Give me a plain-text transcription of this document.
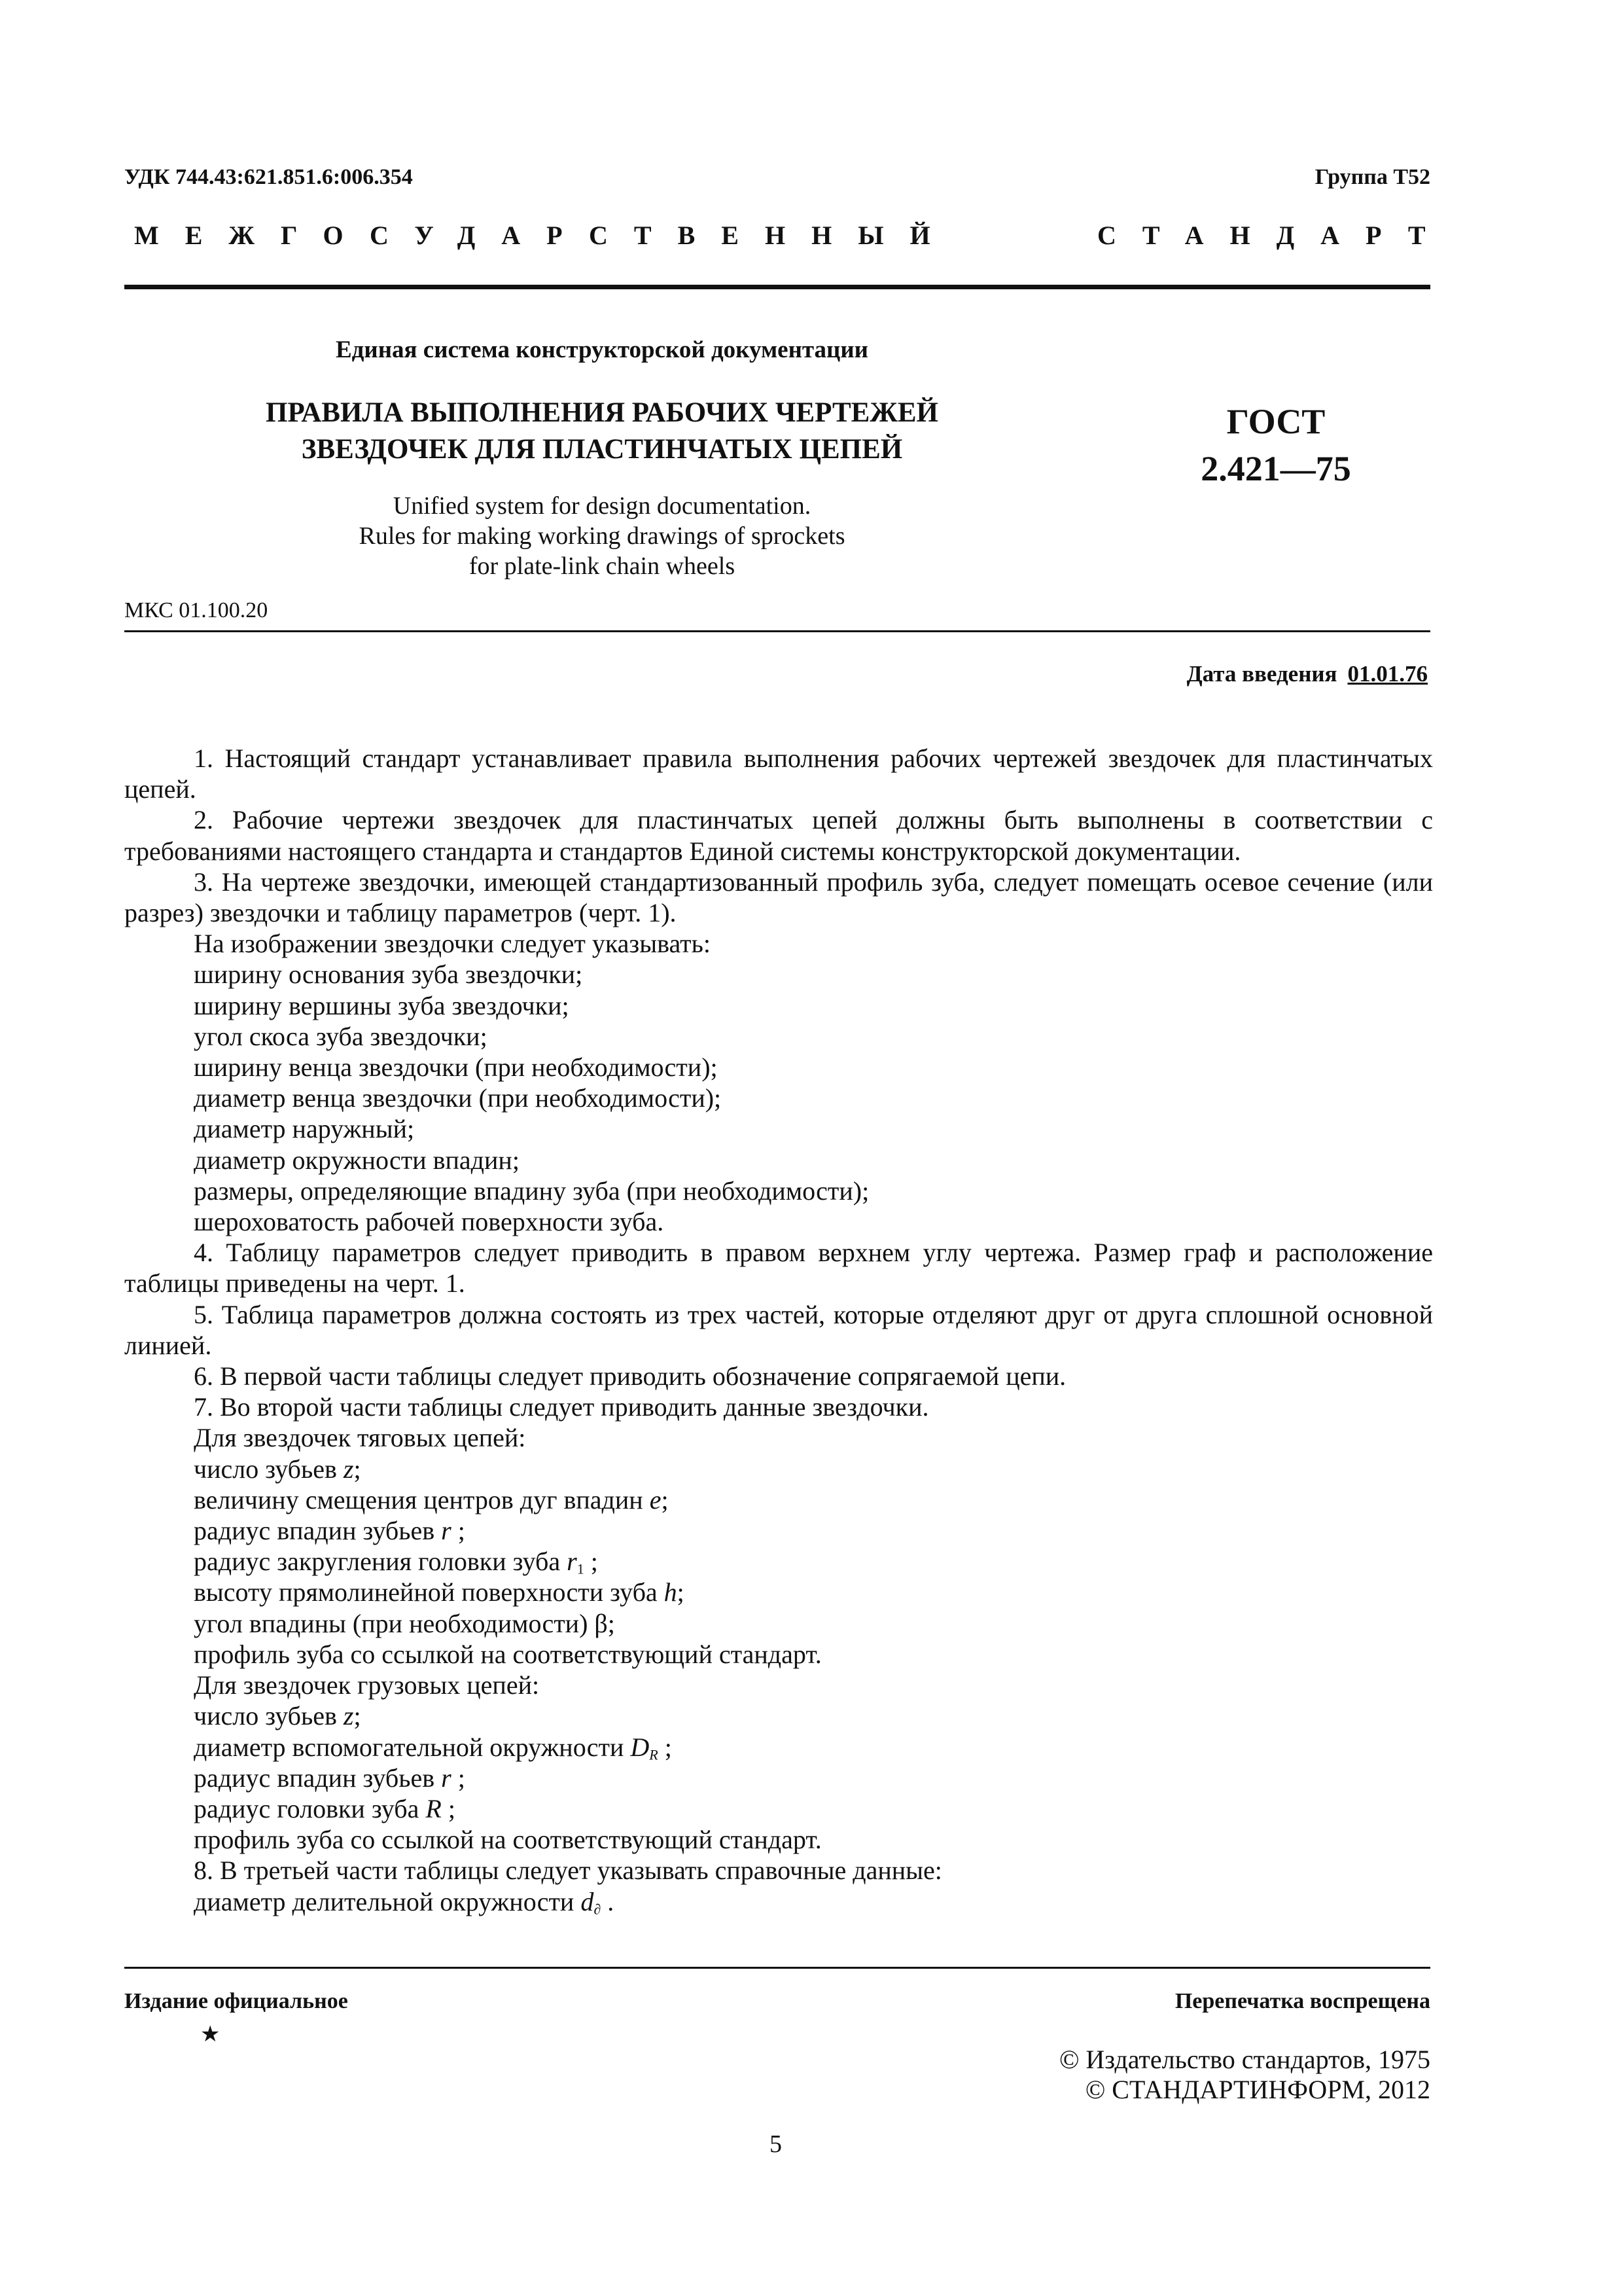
УДК 744.43:621.851.6:006.354	Группа Т52
МЕЖГОСУДАРСТВЕННЫЙ	СТАНДАРТ
Единая система конструкторской документации
ПРАВИЛА ВЫПОЛНЕНИЯ РАБОЧИХ ЧЕРТЕЖЕЙ
ЗВЕЗДОЧЕК ДЛЯ ПЛАСТИНЧАТЫХ ЦЕПЕЙ
ГОСТ
2.421—75
Unified system for design documentation.
Rules for making working drawings of sprockets
for plate-link chain wheels
МКС 01.100.20
Дата введения 01.01.76

1. Настоящий стандарт устанавливает правила выполнения рабочих чертежей звездочек для пластинчатых цепей.

2. Рабочие чертежи звездочек для пластинчатых цепей должны быть выполнены в соответствии с требованиями настоящего стандарта и стандартов Единой системы конструкторской документации.

3. На чертеже звездочки, имеющей стандартизованный профиль зуба, следует помещать осевое сечение (или разрез) звездочки и таблицу параметров (черт. 1).

На изображении звездочки следует указывать:

ширину основания зуба звездочки;

ширину вершины зуба звездочки;

угол скоса зуба звездочки;

ширину венца звездочки (при необходимости);

диаметр венца звездочки (при необходимости);

диаметр наружный;

диаметр окружности впадин;

размеры, определяющие впадину зуба (при необходимости);

шероховатость рабочей поверхности зуба.

4. Таблицу параметров следует приводить в правом верхнем углу чертежа. Размер граф и расположение таблицы приведены на черт. 1.

5. Таблица параметров должна состоять из трех частей, которые отделяют друг от друга сплошной основной линией.

6. В первой части таблицы следует приводить обозначение сопрягаемой цепи.

7. Во второй части таблицы следует приводить данные звездочки.

Для звездочек тяговых цепей:

число зубьев z;

величину смещения центров дуг впадин e;

радиус впадин зубьев r ;

радиус закругления головки зуба $r_1$ ;

высоту прямолинейной поверхности зуба h;

угол впадины (при необходимости) β;

профиль зуба со ссылкой на соответствующий стандарт.

Для звездочек грузовых цепей:

число зубьев z;

диаметр вспомогательной окружности $D_R$ ;

радиус впадин зубьев r ;

радиус головки зуба R ;

профиль зуба со ссылкой на соответствующий стандарт.

8. В третьей части таблицы следует указывать справочные данные:

диаметр делительной окружности $d_\partial$ .

Издание официальное	Перепечатка воспрещена
★
© Издательство стандартов, 1975
© СТАНДАРТИНФОРМ, 2012
5
